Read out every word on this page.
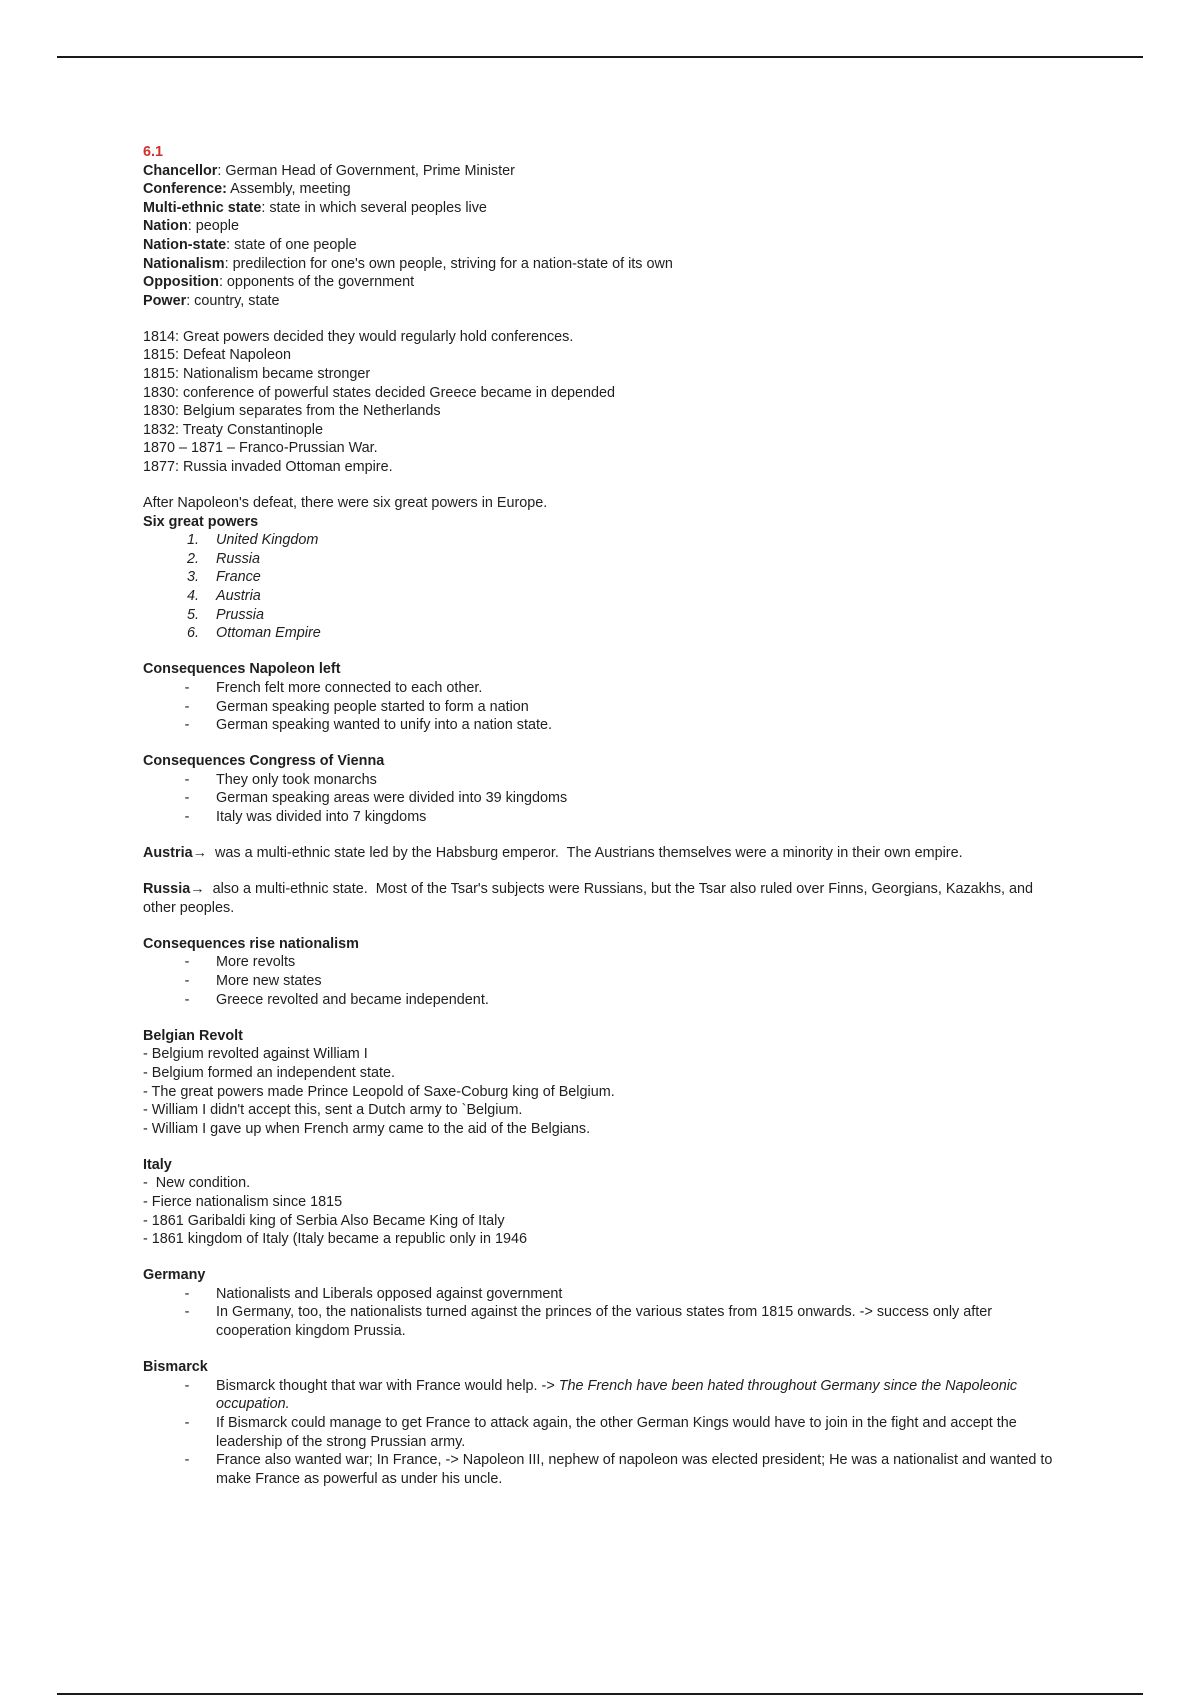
6.1
Chancellor: German Head of Government, Prime Minister
Conference: Assembly, meeting
Multi-ethnic state: state in which several peoples live
Nation: people
Nation-state: state of one people
Nationalism: predilection for one's own people, striving for a nation-state of its own
Opposition: opponents of the government
Power: country, state
1814: Great powers decided they would regularly hold conferences.
1815: Defeat Napoleon
1815: Nationalism became stronger
1830: conference of powerful states decided Greece became in depended
1830: Belgium separates from the Netherlands
1832: Treaty Constantinople
1870 – 1871 – Franco-Prussian War.
1877: Russia invaded Ottoman empire.
After Napoleon's defeat, there were six great powers in Europe.
Six great powers
1. United Kingdom
2. Russia
3. France
4. Austria
5. Prussia
6. Ottoman Empire
Consequences Napoleon left
- French felt more connected to each other.
- German speaking people started to form a nation
- German speaking wanted to unify into a nation state.
Consequences Congress of Vienna
- They only took monarchs
- German speaking areas were divided into 39 kingdoms
- Italy was divided into 7 kingdoms
Austria→  was a multi-ethnic state led by the Habsburg emperor.  The Austrians themselves were a minority in their own empire.
Russia→  also a multi-ethnic state.  Most of the Tsar's subjects were Russians, but the Tsar also ruled over Finns, Georgians, Kazakhs, and other peoples.
Consequences rise nationalism
- More revolts
- More new states
- Greece revolted and became independent.
Belgian Revolt
- Belgium revolted against William I
- Belgium formed an independent state.
- The great powers made Prince Leopold of Saxe-Coburg king of Belgium.
- William I didn't accept this, sent a Dutch army to `Belgium.
- William I gave up when French army came to the aid of the Belgians.
Italy
-  New condition.
- Fierce nationalism since 1815
- 1861 Garibaldi king of Serbia Also Became King of Italy
- 1861 kingdom of Italy (Italy became a republic only in 1946
Germany
- Nationalists and Liberals opposed against government
- In Germany, too, the nationalists turned against the princes of the various states from 1815 onwards. -> success only after cooperation kingdom Prussia.
Bismarck
- Bismarck thought that war with France would help. -> The French have been hated throughout Germany since the Napoleonic occupation.
- If Bismarck could manage to get France to attack again, the other German Kings would have to join in the fight and accept the leadership of the strong Prussian army.
- France also wanted war; In France, -> Napoleon III, nephew of napoleon was elected president; He was a nationalist and wanted to make France as powerful as under his uncle.
